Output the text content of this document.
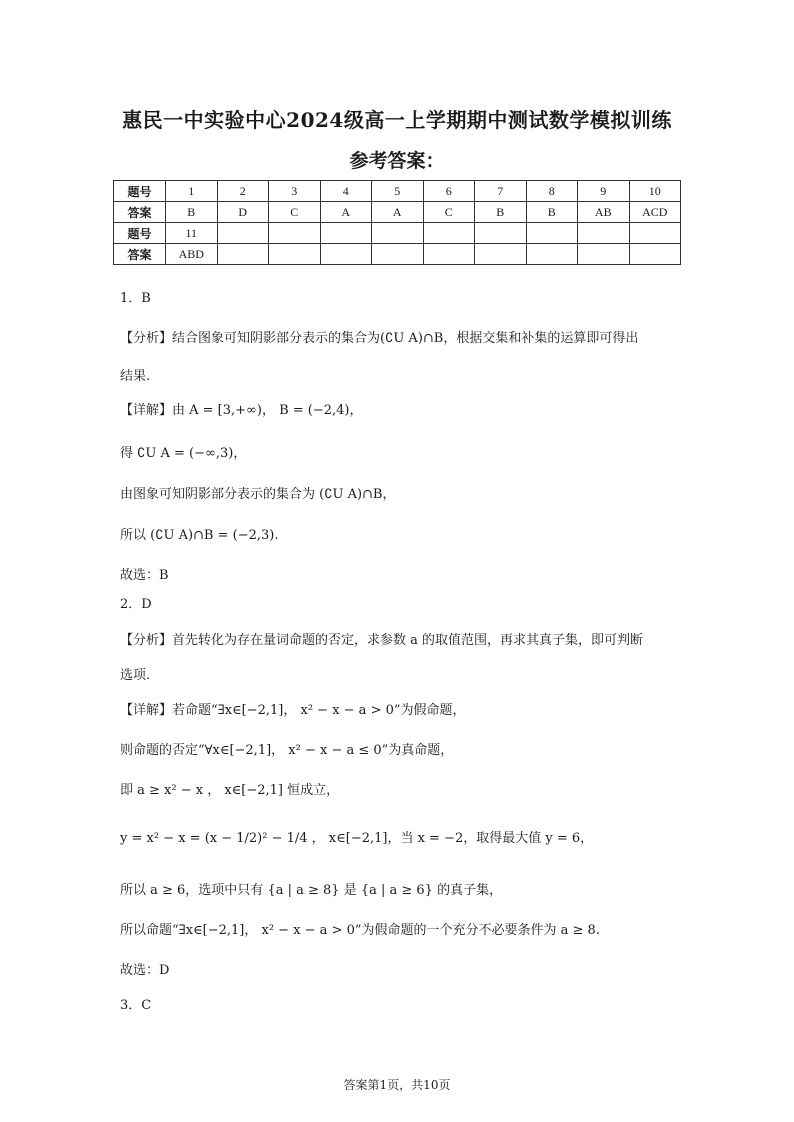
惠民一中实验中心2024级高一上学期期中测试数学模拟训练
参考答案：
题号	1	2	3	4	5	6	7	8	9	10
答案	B	D	C	A	A	C	B	B	AB	ACD
题号	11									
答案	ABD									
1．B
【分析】结合图象可知阴影部分表示的集合为(∁U A)∩B，根据交集和补集的运算即可得出
结果.
【详解】由 A = [3,+∞)， B = (−2,4)，
得 ∁U A = (−∞,3)，
由图象可知阴影部分表示的集合为 (∁U A)∩B，
所以 (∁U A)∩B = (−2,3).
故选：B
2．D
【分析】首先转化为存在量词命题的否定，求参数 a 的取值范围，再求其真子集，即可判断
选项.
【详解】若命题“∃x∈[−2,1]， x² − x − a > 0”为假命题，
则命题的否定“∀x∈[−2,1]， x² − x − a ≤ 0”为真命题，
即 a ≥ x² − x ， x∈[−2,1] 恒成立，
y = x² − x = (x − 1/2)² − 1/4 ， x∈[−2,1]，当 x = −2，取得最大值 y = 6，
所以 a ≥ 6，选项中只有 {a | a ≥ 8} 是 {a | a ≥ 6} 的真子集，
所以命题“∃x∈[−2,1]， x² − x − a > 0”为假命题的一个充分不必要条件为 a ≥ 8.
故选：D
3．C
答案第1页，共10页
